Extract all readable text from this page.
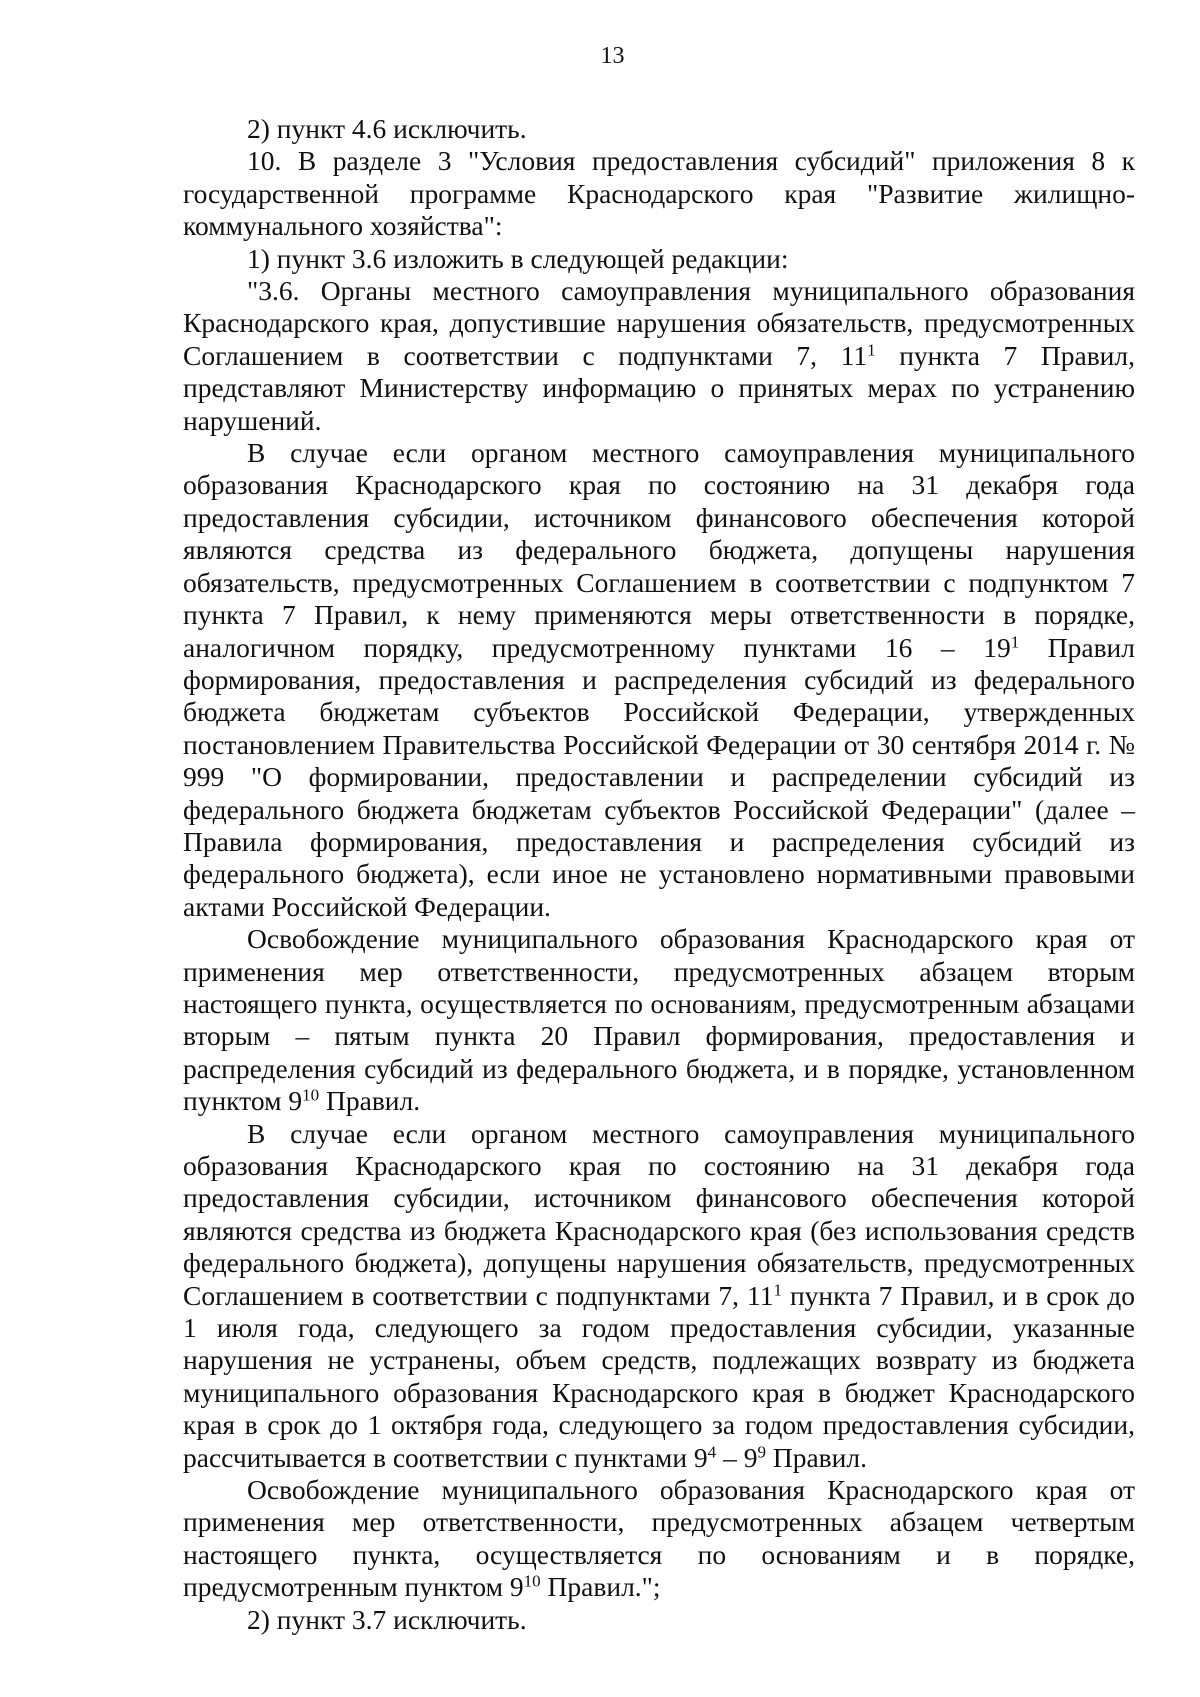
13

2) пункт 4.6 исключить.

10. В разделе 3 "Условия предоставления субсидий" приложения 8 к государственной программе Краснодарского края "Развитие жилищно-коммунального хозяйства":

1) пункт 3.6 изложить в следующей редакции:

"3.6. Органы местного самоуправления муниципального образования Краснодарского края, допустившие нарушения обязательств, предусмотренных Соглашением в соответствии с подпунктами 7, $11^1$ пункта 7 Правил, представляют Министерству информацию о принятых мерах по устранению нарушений.

В случае если органом местного самоуправления муниципального образования Краснодарского края по состоянию на 31 декабря года предоставления субсидии, источником финансового обеспечения которой являются средства из федерального бюджета, допущены нарушения обязательств, предусмотренных Соглашением в соответствии с подпунктом 7 пункта 7 Правил, к нему применяются меры ответственности в порядке, аналогичном порядку, предусмотренному пунктами $16 - 19^1$ Правил формирования, предоставления и распределения субсидий из федерального бюджета бюджетам субъектов Российской Федерации, утвержденных постановлением Правительства Российской Федерации от 30 сентября 2014 г. № 999 "О формировании, предоставлении и распределении субсидий из федерального бюджета бюджетам субъектов Российской Федерации" (далее – Правила формирования, предоставления и распределения субсидий из федерального бюджета), если иное не установлено нормативными правовыми актами Российской Федерации.

Освобождение муниципального образования Краснодарского края от применения мер ответственности, предусмотренных абзацем вторым настоящего пункта, осуществляется по основаниям, предусмотренным абзацами вторым – пятым пункта 20 Правил формирования, предоставления и распределения субсидий из федерального бюджета, и в порядке, установленном пунктом $9^{10}$ Правил.

В случае если органом местного самоуправления муниципального образования Краснодарского края по состоянию на 31 декабря года предоставления субсидии, источником финансового обеспечения которой являются средства из бюджета Краснодарского края (без использования средств федерального бюджета), допущены нарушения обязательств, предусмотренных Соглашением в соответствии с подпунктами 7, $11^1$ пункта 7 Правил, и в срок до 1 июля года, следующего за годом предоставления субсидии, указанные нарушения не устранены, объем средств, подлежащих возврату из бюджета муниципального образования Краснодарского края в бюджет Краснодарского края в срок до 1 октября года, следующего за годом предоставления субсидии, рассчитывается в соответствии с пунктами $9^4 - 9^9$ Правил.

Освобождение муниципального образования Краснодарского края от применения мер ответственности, предусмотренных абзацем четвертым настоящего пункта, осуществляется по основаниям и в порядке, предусмотренным пунктом $9^{10}$ Правил.";

2) пункт 3.7 исключить.
